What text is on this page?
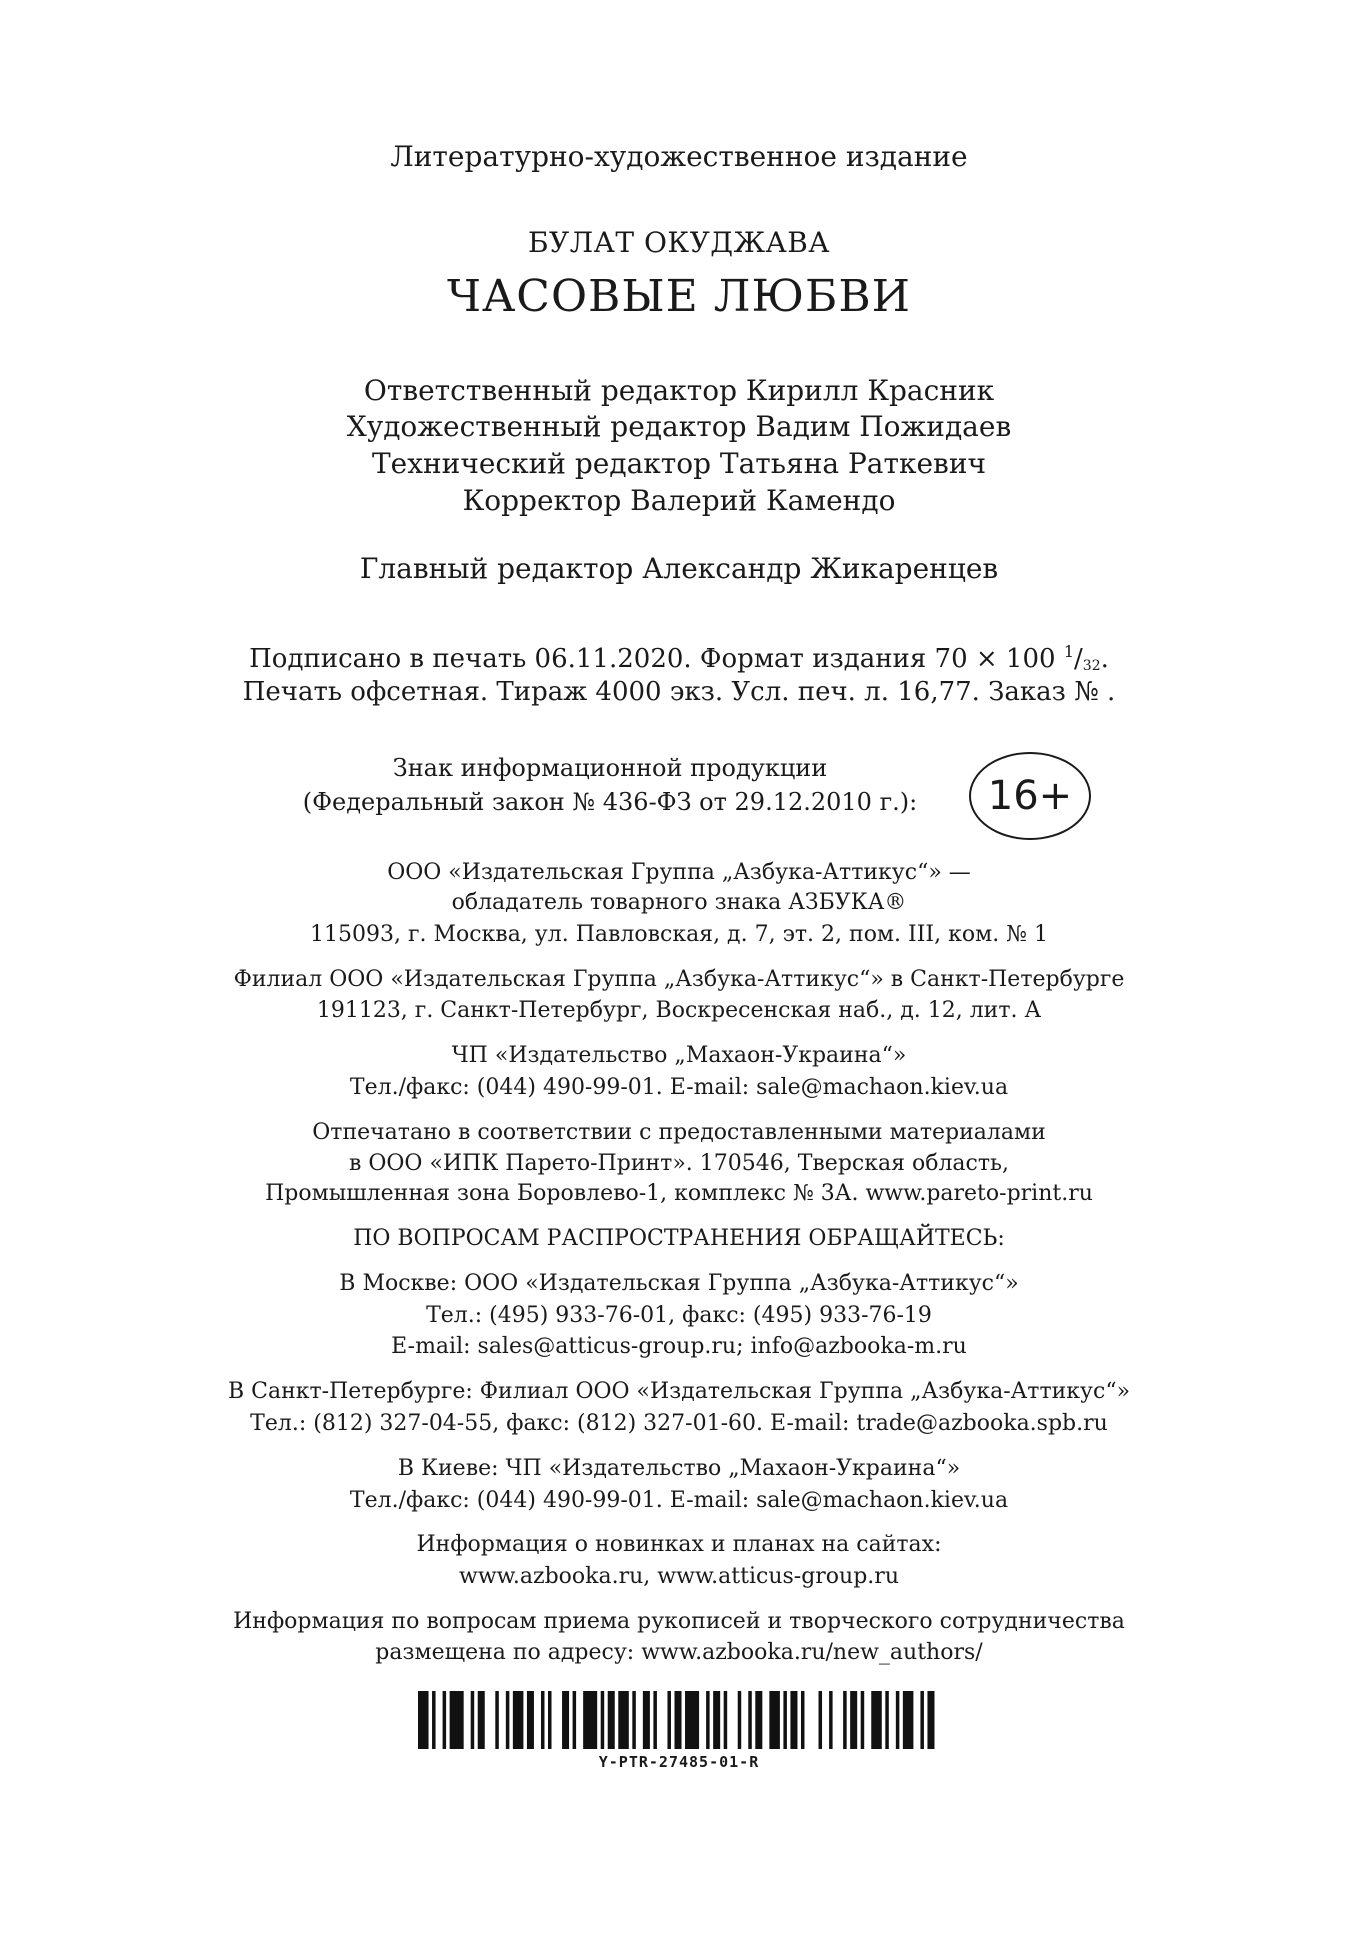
Литературно-художественное издание
БУЛАТ ОКУДЖАВА
ЧАСОВЫЕ ЛЮБВИ
Ответственный редактор Кирилл Красник
Художественный редактор Вадим Пожидаев
Технический редактор Татьяна Раткевич
Корректор Валерий Камендо
Главный редактор Александр Жикаренцев
Подписано в печать 06.11.2020. Формат издания 70 × 100 $^1$/32.
Печать офсетная. Тираж 4000 экз. Усл. печ. л. 16,77. Заказ № .
Знак информационной продукции
(Федеральный закон № 436-ФЗ от 29.12.2010 г.):	16+
ООО «Издательская Группа „Азбука-Аттикус“» —
обладатель товарного знака АЗБУКА®
115093, г. Москва, ул. Павловская, д. 7, эт. 2, пом. III, ком. № 1
Филиал ООО «Издательская Группа „Азбука-Аттикус“» в Санкт-Петербурге
191123, г. Санкт-Петербург, Воскресенская наб., д. 12, лит. А
ЧП «Издательство „Махаон-Украина“»
Тел./факс: (044) 490-99-01. E-mail: sale@machaon.kiev.ua
Отпечатано в соответствии с предоставленными материалами
в ООО «ИПК Парето-Принт». 170546, Тверская область,
Промышленная зона Боровлево-1, комплекс № 3А. www.pareto-print.ru
ПО ВОПРОСАМ РАСПРОСТРАНЕНИЯ ОБРАЩАЙТЕСЬ:
В Москве: ООО «Издательская Группа „Азбука-Аттикус“»
Тел.: (495) 933-76-01, факс: (495) 933-76-19
E-mail: sales@atticus-group.ru; info@azbooka-m.ru
В Санкт-Петербурге: Филиал ООО «Издательская Группа „Азбука-Аттикус“»
Тел.: (812) 327-04-55, факс: (812) 327-01-60. E-mail: trade@azbooka.spb.ru
В Киеве: ЧП «Издательство „Махаон-Украина“»
Тел./факс: (044) 490-99-01. E-mail: sale@machaon.kiev.ua
Информация о новинках и планах на сайтах:
www.azbooka.ru, www.atticus-group.ru
Информация по вопросам приема рукописей и творческого сотрудничества
размещена по адресу: www.azbooka.ru/new_authors/
Y-PTR-27485-01-R
